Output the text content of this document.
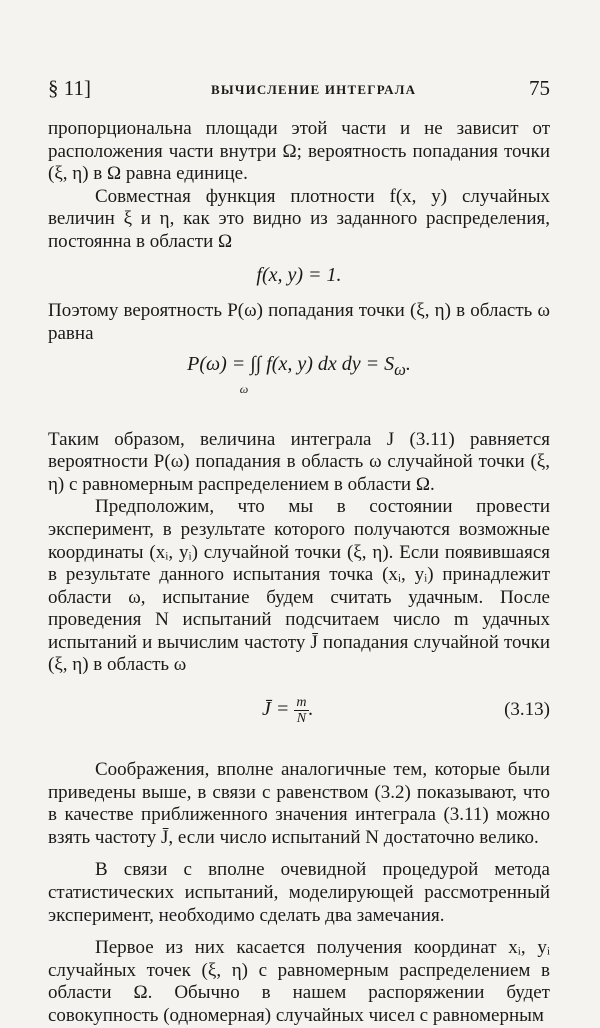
§ 11]	ВЫЧИСЛЕНИЕ ИНТЕГРАЛА	75

пропорциональна площади этой части и не зависит от расположения части внутри Ω; вероятность попадания точки (ξ, η) в Ω равна единице.

Совместная функция плотности f(x, y) случайных величин ξ и η, как это видно из заданного распределения, постоянна в области Ω

f(x, y) = 1.

Поэтому вероятность P(ω) попадания точки (ξ, η) в область ω равна

P(ω) = ∫∫ f(x, y) dx dy = $S_\omega$.
ω

Таким образом, величина интеграла J (3.11) равняется вероятности P(ω) попадания в область ω случайной точки (ξ, η) с равномерным распределением в области Ω.

Предположим, что мы в состоянии провести эксперимент, в результате которого получаются возможные координаты (xᵢ, yᵢ) случайной точки (ξ, η). Если появившаяся в результате данного испытания точка (xᵢ, yᵢ) принадлежит области ω, испытание будем считать удачным. После проведения N испытаний подсчитаем число m удачных испытаний и вычислим частоту J̄ попадания случайной точки (ξ, η) в область ω

J̄ = $\frac{m}{N}$ .	(3.13)

Соображения, вполне аналогичные тем, которые были приведены выше, в связи с равенством (3.2) показывают, что в качестве приближенного значения интеграла (3.11) можно взять частоту J̄, если число испытаний N достаточно велико.

В связи с вполне очевидной процедурой метода статистических испытаний, моделирующей рассмотренный эксперимент, необходимо сделать два замечания.

Первое из них касается получения координат xᵢ, yᵢ случайных точек (ξ, η) с равномерным распределением в области Ω. Обычно в нашем распоряжении будет совокупность (одномерная) случайных чисел с равномерным
